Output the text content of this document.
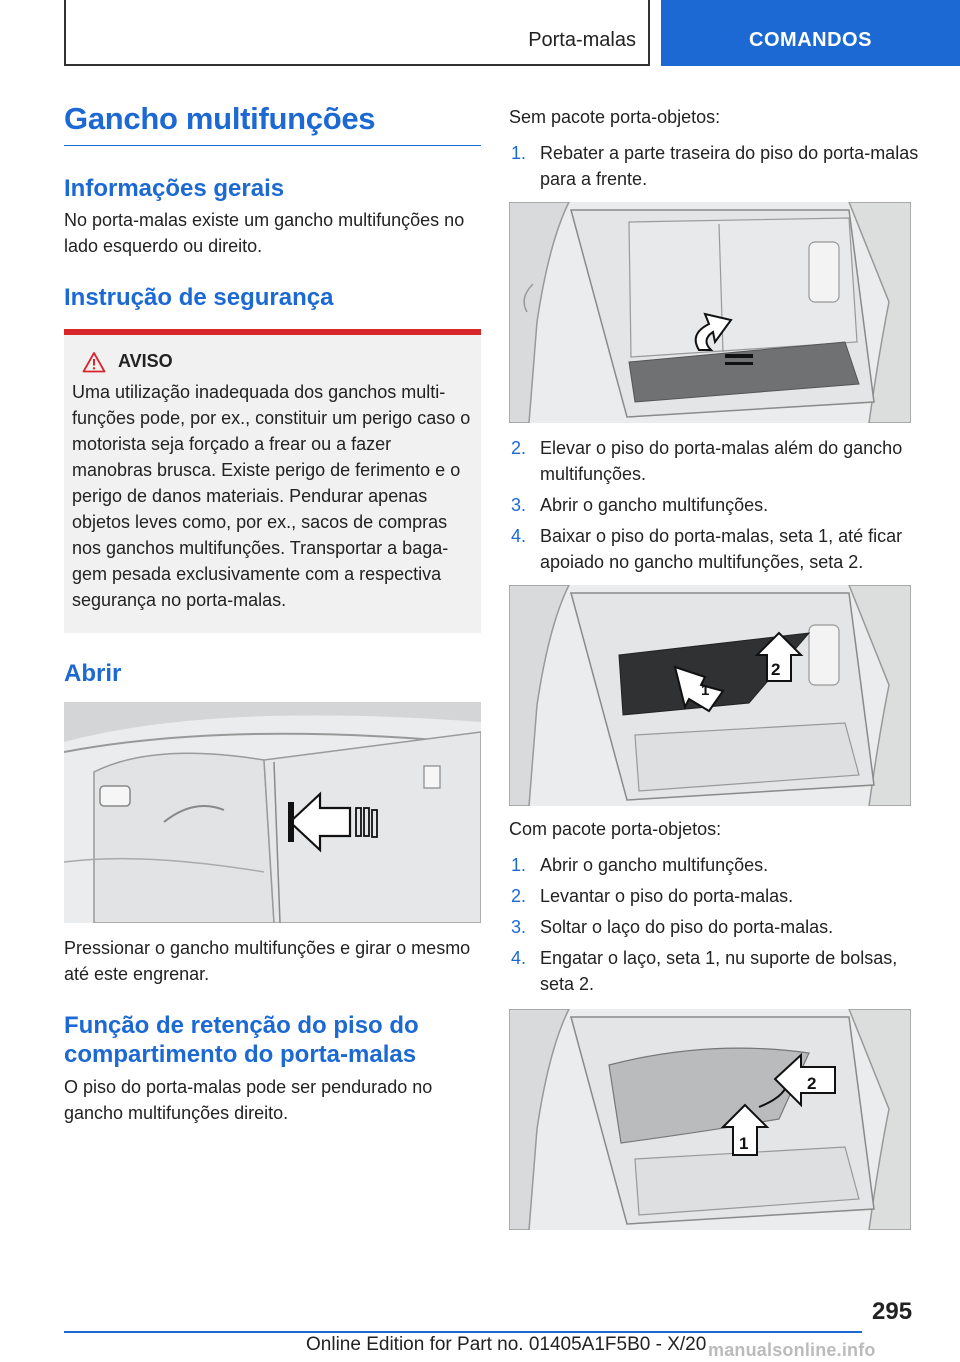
Porta-malas	COMANDOS
Gancho multifunções
Informações gerais

No porta-malas existe um gancho multifunções no lado esquerdo ou direito.

Instrução de segurança
AVISO

Uma utilização inadequada dos ganchos multifunções pode, por ex., constituir um perigo caso o motorista seja forçado a frear ou a fazer manobras brusca. Existe perigo de ferimento e o perigo de danos materiais. Pendurar apenas objetos leves como, por ex., sacos de compras nos ganchos multifunções. Transportar a bagagem pesada exclusivamente com a respectiva segurança no porta-malas.

Abrir

Pressionar o gancho multifunções e girar o mesmo até este engrenar.

Função de retenção do piso do compartimento do porta-malas

O piso do porta-malas pode ser pendurado no gancho multifunções direito.

Sem pacote porta-objetos:

1. Rebater a parte traseira do piso do porta-malas para a frente.
2. Elevar o piso do porta-malas além do gancho multifunções.
3. Abrir o gancho multifunções.
4. Baixar o piso do porta-malas, seta 1, até ficar apoiado no gancho multifunções, seta 2.
1
2

Com pacote porta-objetos:

1. Abrir o gancho multifunções.
2. Levantar o piso do porta-malas.
3. Soltar o laço do piso do porta-malas.
4. Engatar o laço, seta 1, nu suporte de bolsas, seta 2.
1
2
295
Online Edition for Part no. 01405A1F5B0 - X/20 manualsonline.info
